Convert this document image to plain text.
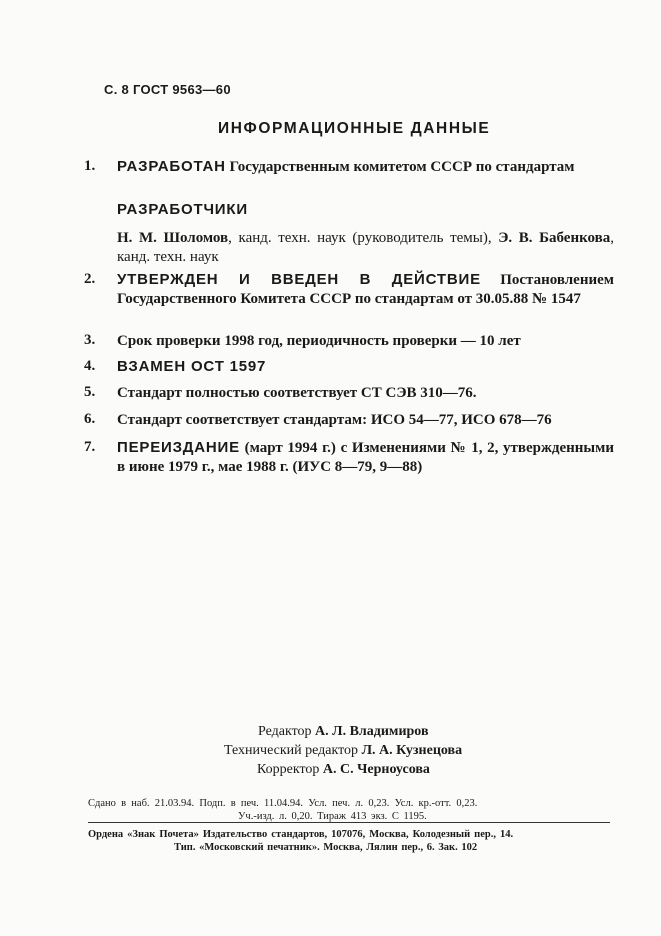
С. 8 ГОСТ 9563—60
ИНФОРМАЦИОННЫЕ ДАННЫЕ
1.	РАЗРАБОТАН Государственным комитетом СССР по стандартам
РАЗРАБОТЧИКИ
Н. М. Шоломов, канд. техн. наук (руководитель темы), Э. В. Бабенкова, канд. техн. наук
2.	УТВЕРЖДЕН И ВВЕДЕН В ДЕЙСТВИЕ Постановлением Государственного Комитета СССР по стандартам от 30.05.88 № 1547
3.	Срок проверки 1998 год, периодичность проверки — 10 лет
4.	ВЗАМЕН ОСТ 1597
5.	Стандарт полностью соответствует СТ СЭВ 310—76.
6.	Стандарт соответствует стандартам: ИСО 54—77, ИСО 678—76
7.	ПЕРЕИЗДАНИЕ (март 1994 г.) с Изменениями № 1, 2, утвержденными в июне 1979 г., мае 1988 г. (ИУС 8—79, 9—88)
Редактор А. Л. Владимиров
Технический редактор Л. А. Кузнецова
Корректор А. С. Черноусова
Сдано в наб. 21.03.94. Подп. в печ. 11.04.94. Усл. печ. л. 0,23. Усл. кр.-отт. 0,23.
Уч.-изд. л. 0,20. Тираж 413 экз. С 1195.
Ордена «Знак Почета» Издательство стандартов, 107076, Москва, Колодезный пер., 14.
Тип. «Московский печатник». Москва, Лялин пер., 6. Зак. 102
